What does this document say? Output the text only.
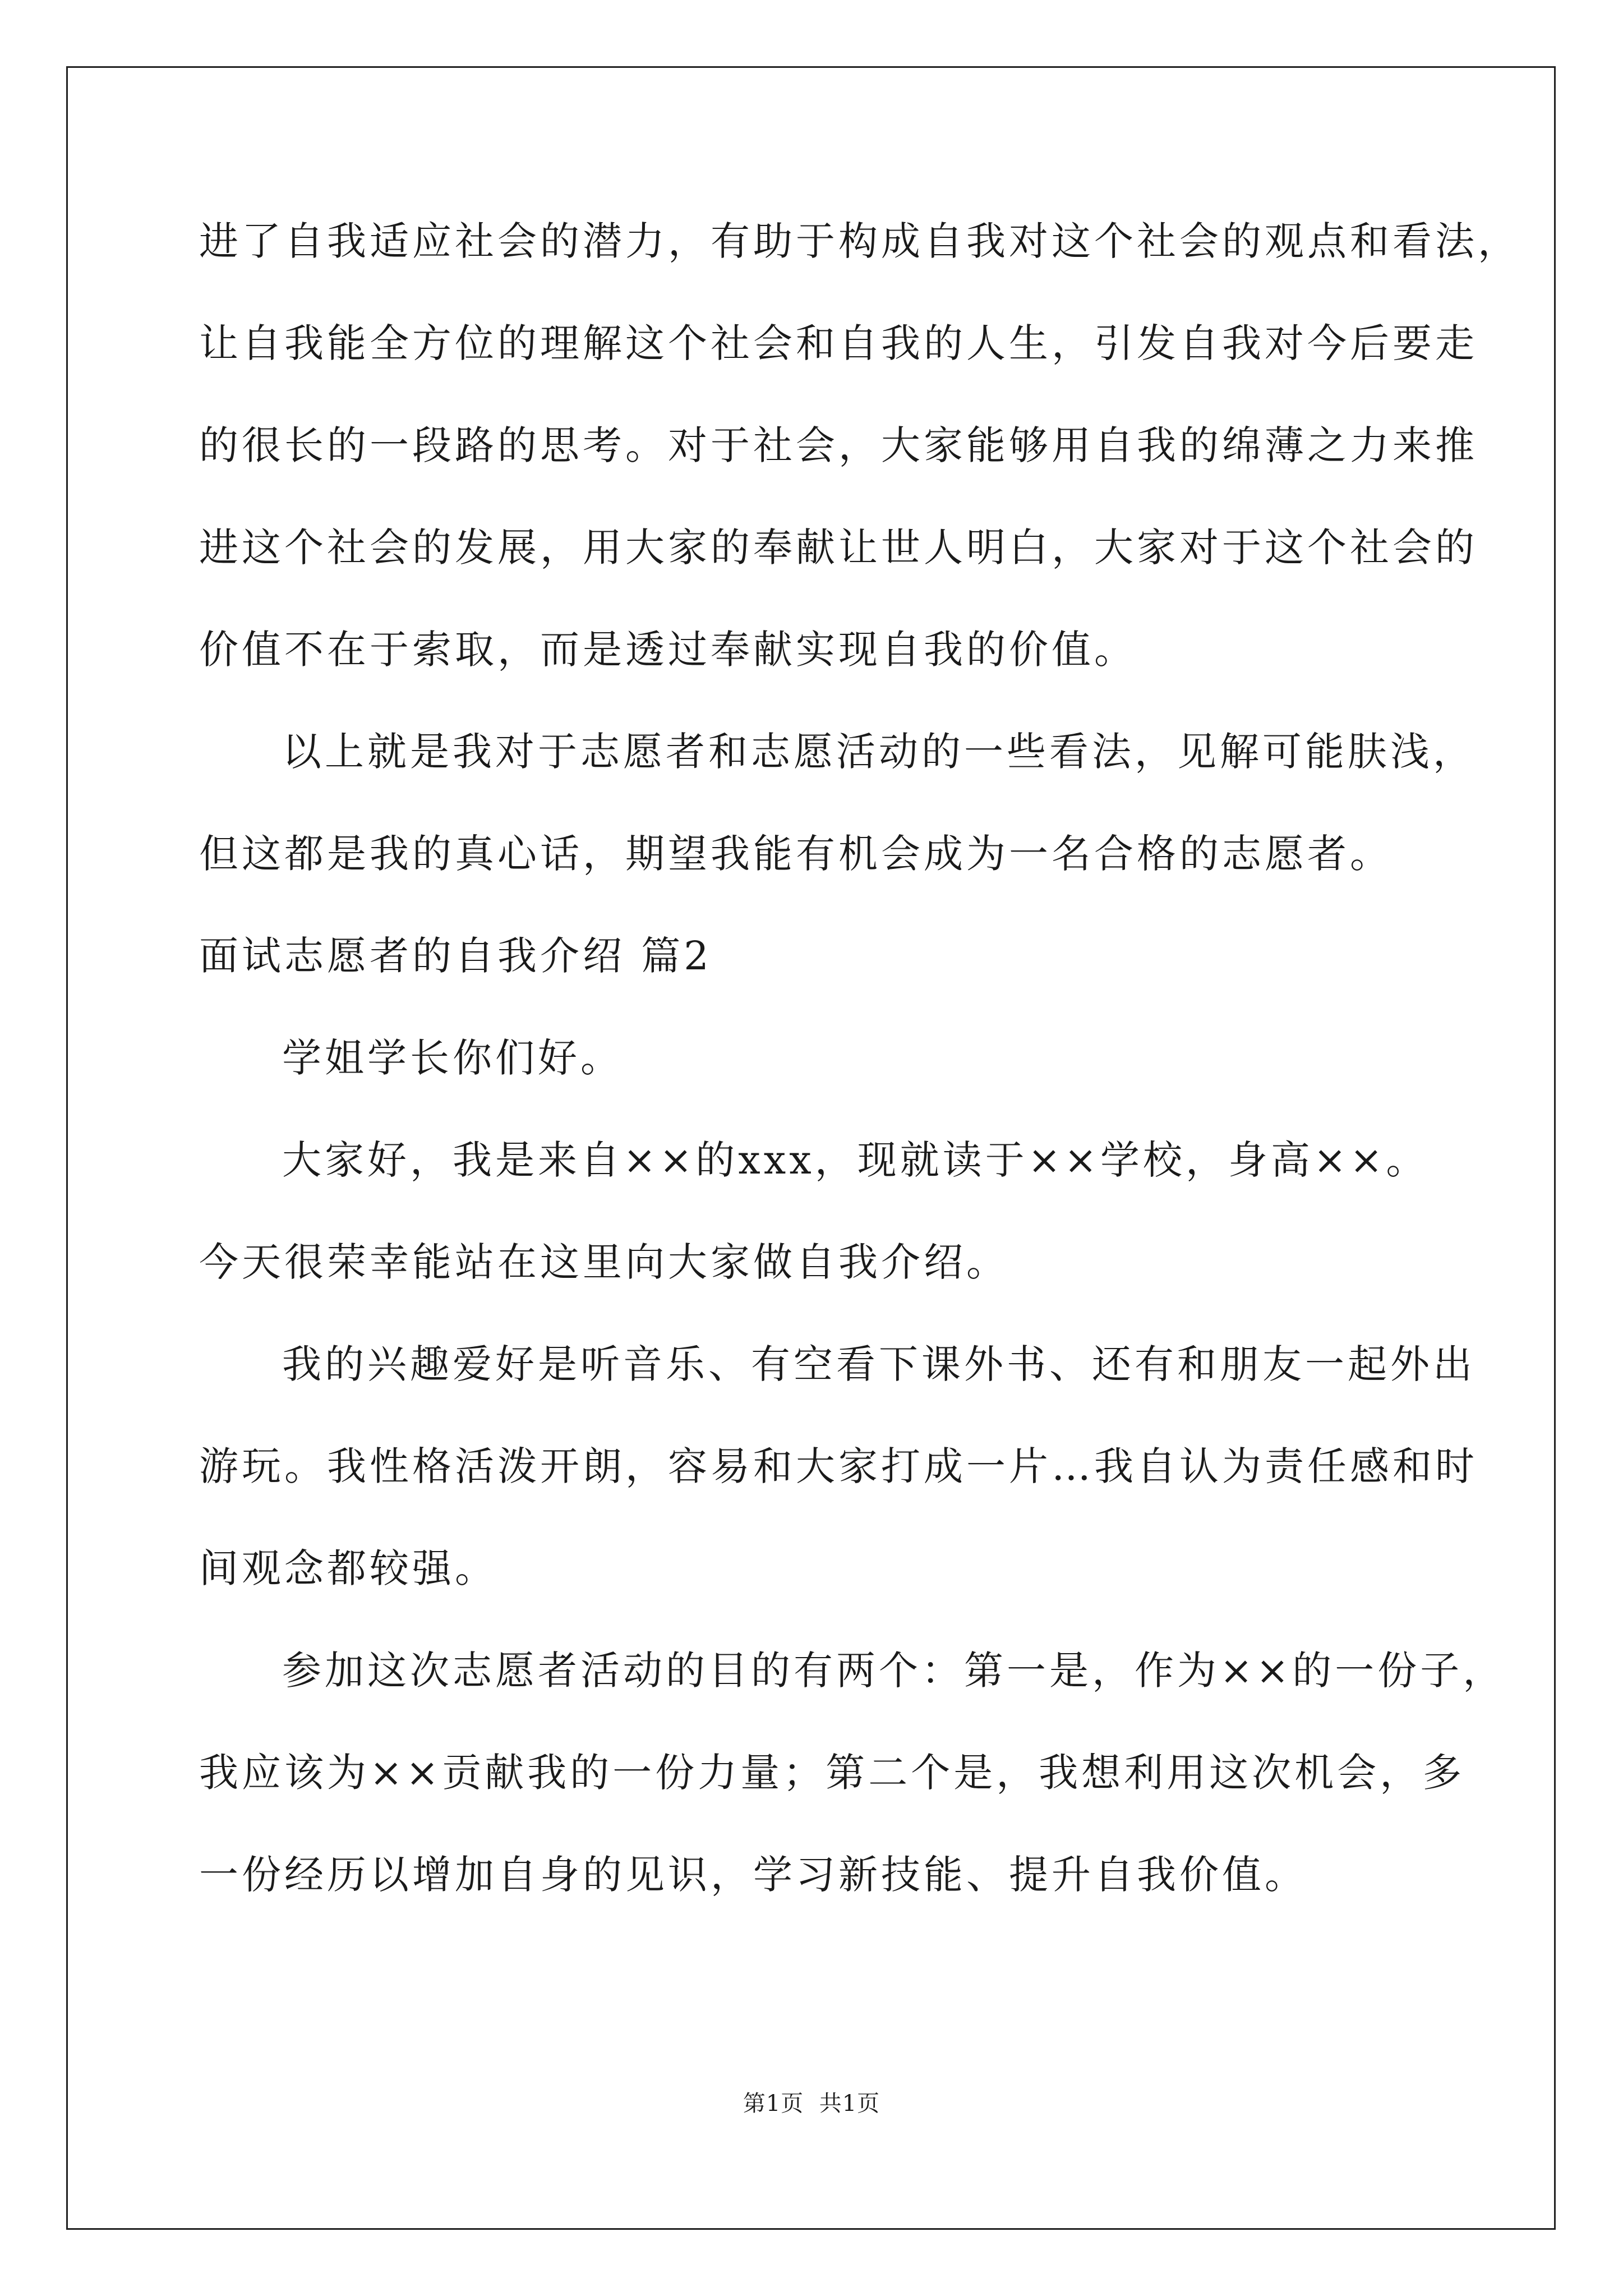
进了自我适应社会的潜力，有助于构成自我对这个社会的观点和看法，
让自我能全方位的理解这个社会和自我的人生，引发自我对今后要走
的很长的一段路的思考。对于社会，大家能够用自我的绵薄之力来推
进这个社会的发展，用大家的奉献让世人明白，大家对于这个社会的
价值不在于索取，而是透过奉献实现自我的价值。
以上就是我对于志愿者和志愿活动的一些看法，见解可能肤浅，
但这都是我的真心话，期望我能有机会成为一名合格的志愿者。
面试志愿者的自我介绍 篇2
学姐学长你们好。
大家好，我是来自××的xxx，现就读于××学校，身高××。
今天很荣幸能站在这里向大家做自我介绍。
我的兴趣爱好是听音乐、有空看下课外书、还有和朋友一起外出
游玩。我性格活泼开朗，容易和大家打成一片…我自认为责任感和时
间观念都较强。
参加这次志愿者活动的目的有两个：第一是，作为××的一份子，
我应该为××贡献我的一份力量；第二个是，我想利用这次机会，多
一份经历以增加自身的见识，学习新技能、提升自我价值。
第1页  共1页
